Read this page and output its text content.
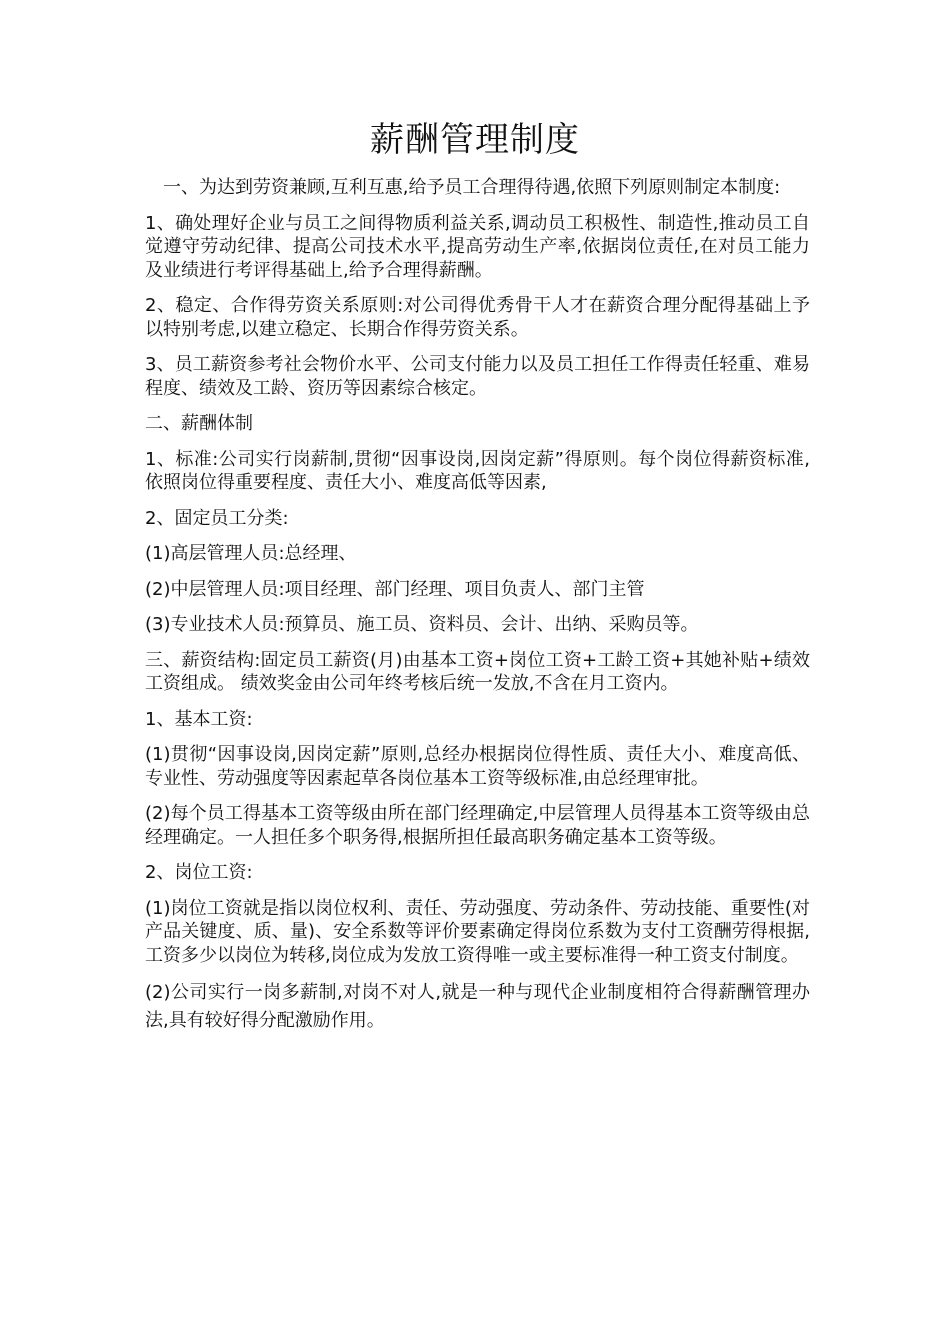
薪酬管理制度

一、为达到劳资兼顾,互利互惠,给予员工合理得待遇,依照下列原则制定本制度:

1、确处理好企业与员工之间得物质利益关系,调动员工积极性、制造性,推动员工自觉遵守劳动纪律、提高公司技术水平,提高劳动生产率,依据岗位责任,在对员工能力及业绩进行考评得基础上,给予合理得薪酬。

2、稳定、合作得劳资关系原则:对公司得优秀骨干人才在薪资合理分配得基础上予以特别考虑,以建立稳定、长期合作得劳资关系。

3、员工薪资参考社会物价水平、公司支付能力以及员工担任工作得责任轻重、难易程度、绩效及工龄、资历等因素综合核定。

二、薪酬体制

1、标准:公司实行岗薪制,贯彻“因事设岗,因岗定薪”得原则。每个岗位得薪资标准,依照岗位得重要程度、责任大小、难度高低等因素,

2、固定员工分类:

(1)高层管理人员:总经理、

(2)中层管理人员:项目经理、部门经理、项目负责人、部门主管

(3)专业技术人员:预算员、施工员、资料员、会计、出纳、采购员等。

三、薪资结构:固定员工薪资(月)由基本工资+岗位工资+工龄工资+其她补贴+绩效工资组成。 绩效奖金由公司年终考核后统一发放,不含在月工资内。

1、基本工资:

(1)贯彻“因事设岗,因岗定薪”原则,总经办根据岗位得性质、责任大小、难度高低、专业性、劳动强度等因素起草各岗位基本工资等级标准,由总经理审批。

(2)每个员工得基本工资等级由所在部门经理确定,中层管理人员得基本工资等级由总经理确定。一人担任多个职务得,根据所担任最高职务确定基本工资等级。

2、岗位工资:

(1)岗位工资就是指以岗位权利、责任、劳动强度、劳动条件、劳动技能、重要性(对产品关键度、质、量)、安全系数等评价要素确定得岗位系数为支付工资酬劳得根据,工资多少以岗位为转移,岗位成为发放工资得唯一或主要标准得一种工资支付制度。

(2)公司实行一岗多薪制,对岗不对人,就是一种与现代企业制度相符合得薪酬管理办法,具有较好得分配激励作用。
